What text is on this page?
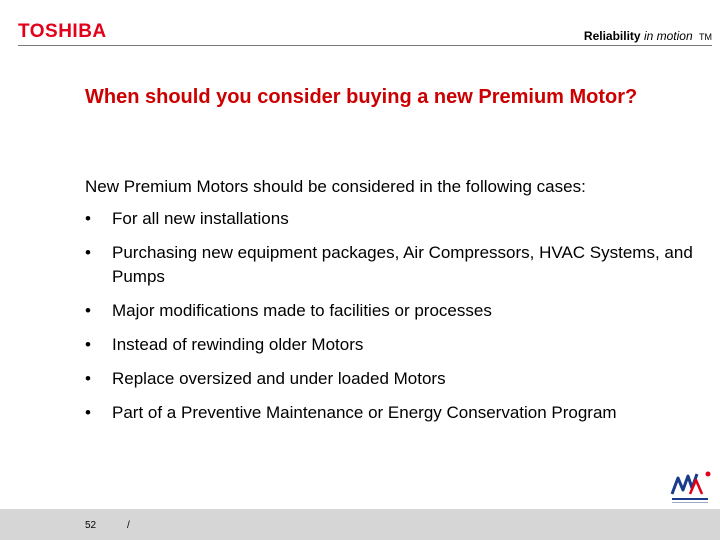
TOSHIBA	Reliability in motion TM
When should you consider buying a new Premium Motor?

New Premium Motors should be considered in the following cases:

•	For all new installations
•	Purchasing new equipment packages, Air Compressors, HVAC Systems, and Pumps
•	Major modifications made to facilities or processes
•	Instead of rewinding older Motors
•	Replace oversized and under loaded Motors
•	Part of a Preventive Maintenance or Energy Conservation Program
52	/
